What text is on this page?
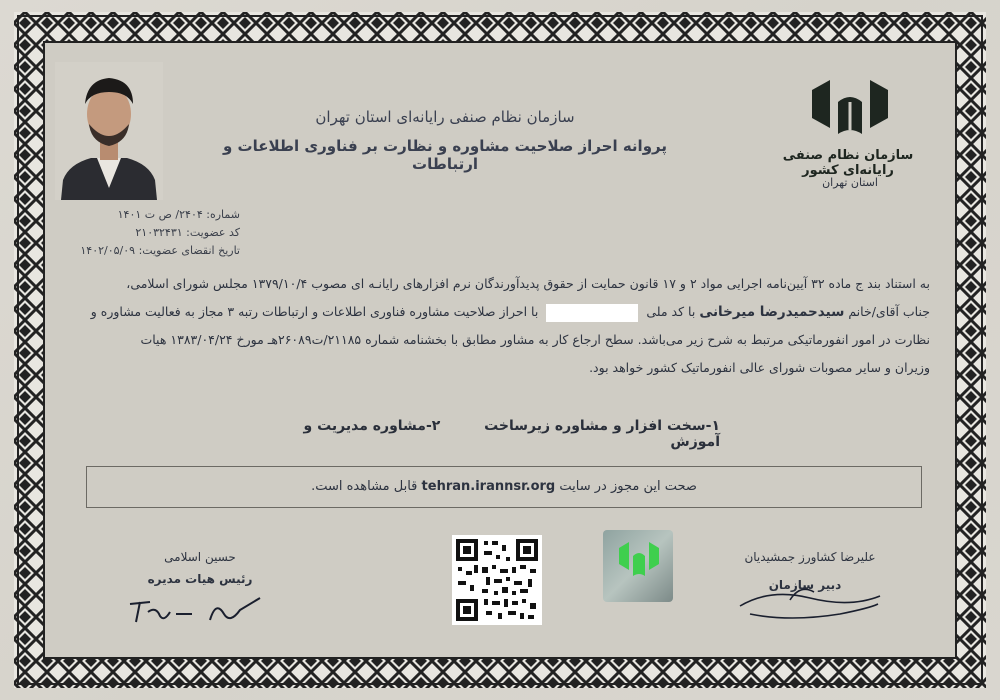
سازمان نظام صنفی رایانه‌ای استان تهران
پروانه احراز صلاحیت مشاوره و نظارت بر فناوری اطلاعات و ارتباطات	سازمان نظام صنفی رایانه‌ای کشور
استان تهران
شماره: ۲۴۰۴/ ص ت ۱۴۰۱
کد عضویت: ۲۱۰۳۲۴۳۱
تاریخ انقضای عضویت: ۱۴۰۲/۰۵/۰۹
به استناد بند ج ماده ۳۲ آیین‌نامه اجرایی مواد ۲ و ۱۷ قانون حمایت از حقوق پدیدآورندگان نرم افزارهای رایانـه ای مصوب ۱۳۷۹/۱۰/۴ مجلس شورای اسلامی،
جناب آقای/خانم سیدحمیدرضا میرخانی با کد ملی  با احراز صلاحیت مشاوره فناوری اطلاعات و ارتباطات رتبه ۳ مجاز به فعالیت مشاوره و
نظارت در امور انفورماتیکی مرتبط به شرح زیر می‌باشد. سطح ارجاع کار به مشاور مطابق با بخشنامه شماره ۲۱۱۸۵/ت۲۶۰۸۹هـ مورخ ۱۳۸۳/۰۴/۲۴ هیات
وزیران و سایر مصوبات شورای عالی انفورماتیک کشور خواهد بود.
۱-سخت افزار و مشاوره زیرساخت  ۲-مشاوره مدیریت و آموزش
صحت این مجوز در سایت tehran.irannsr.org قابل مشاهده است.
حسین اسلامی
رئیس هیات مدیره
علیرضا کشاورز جمشیدیان
دبیر سازمان
